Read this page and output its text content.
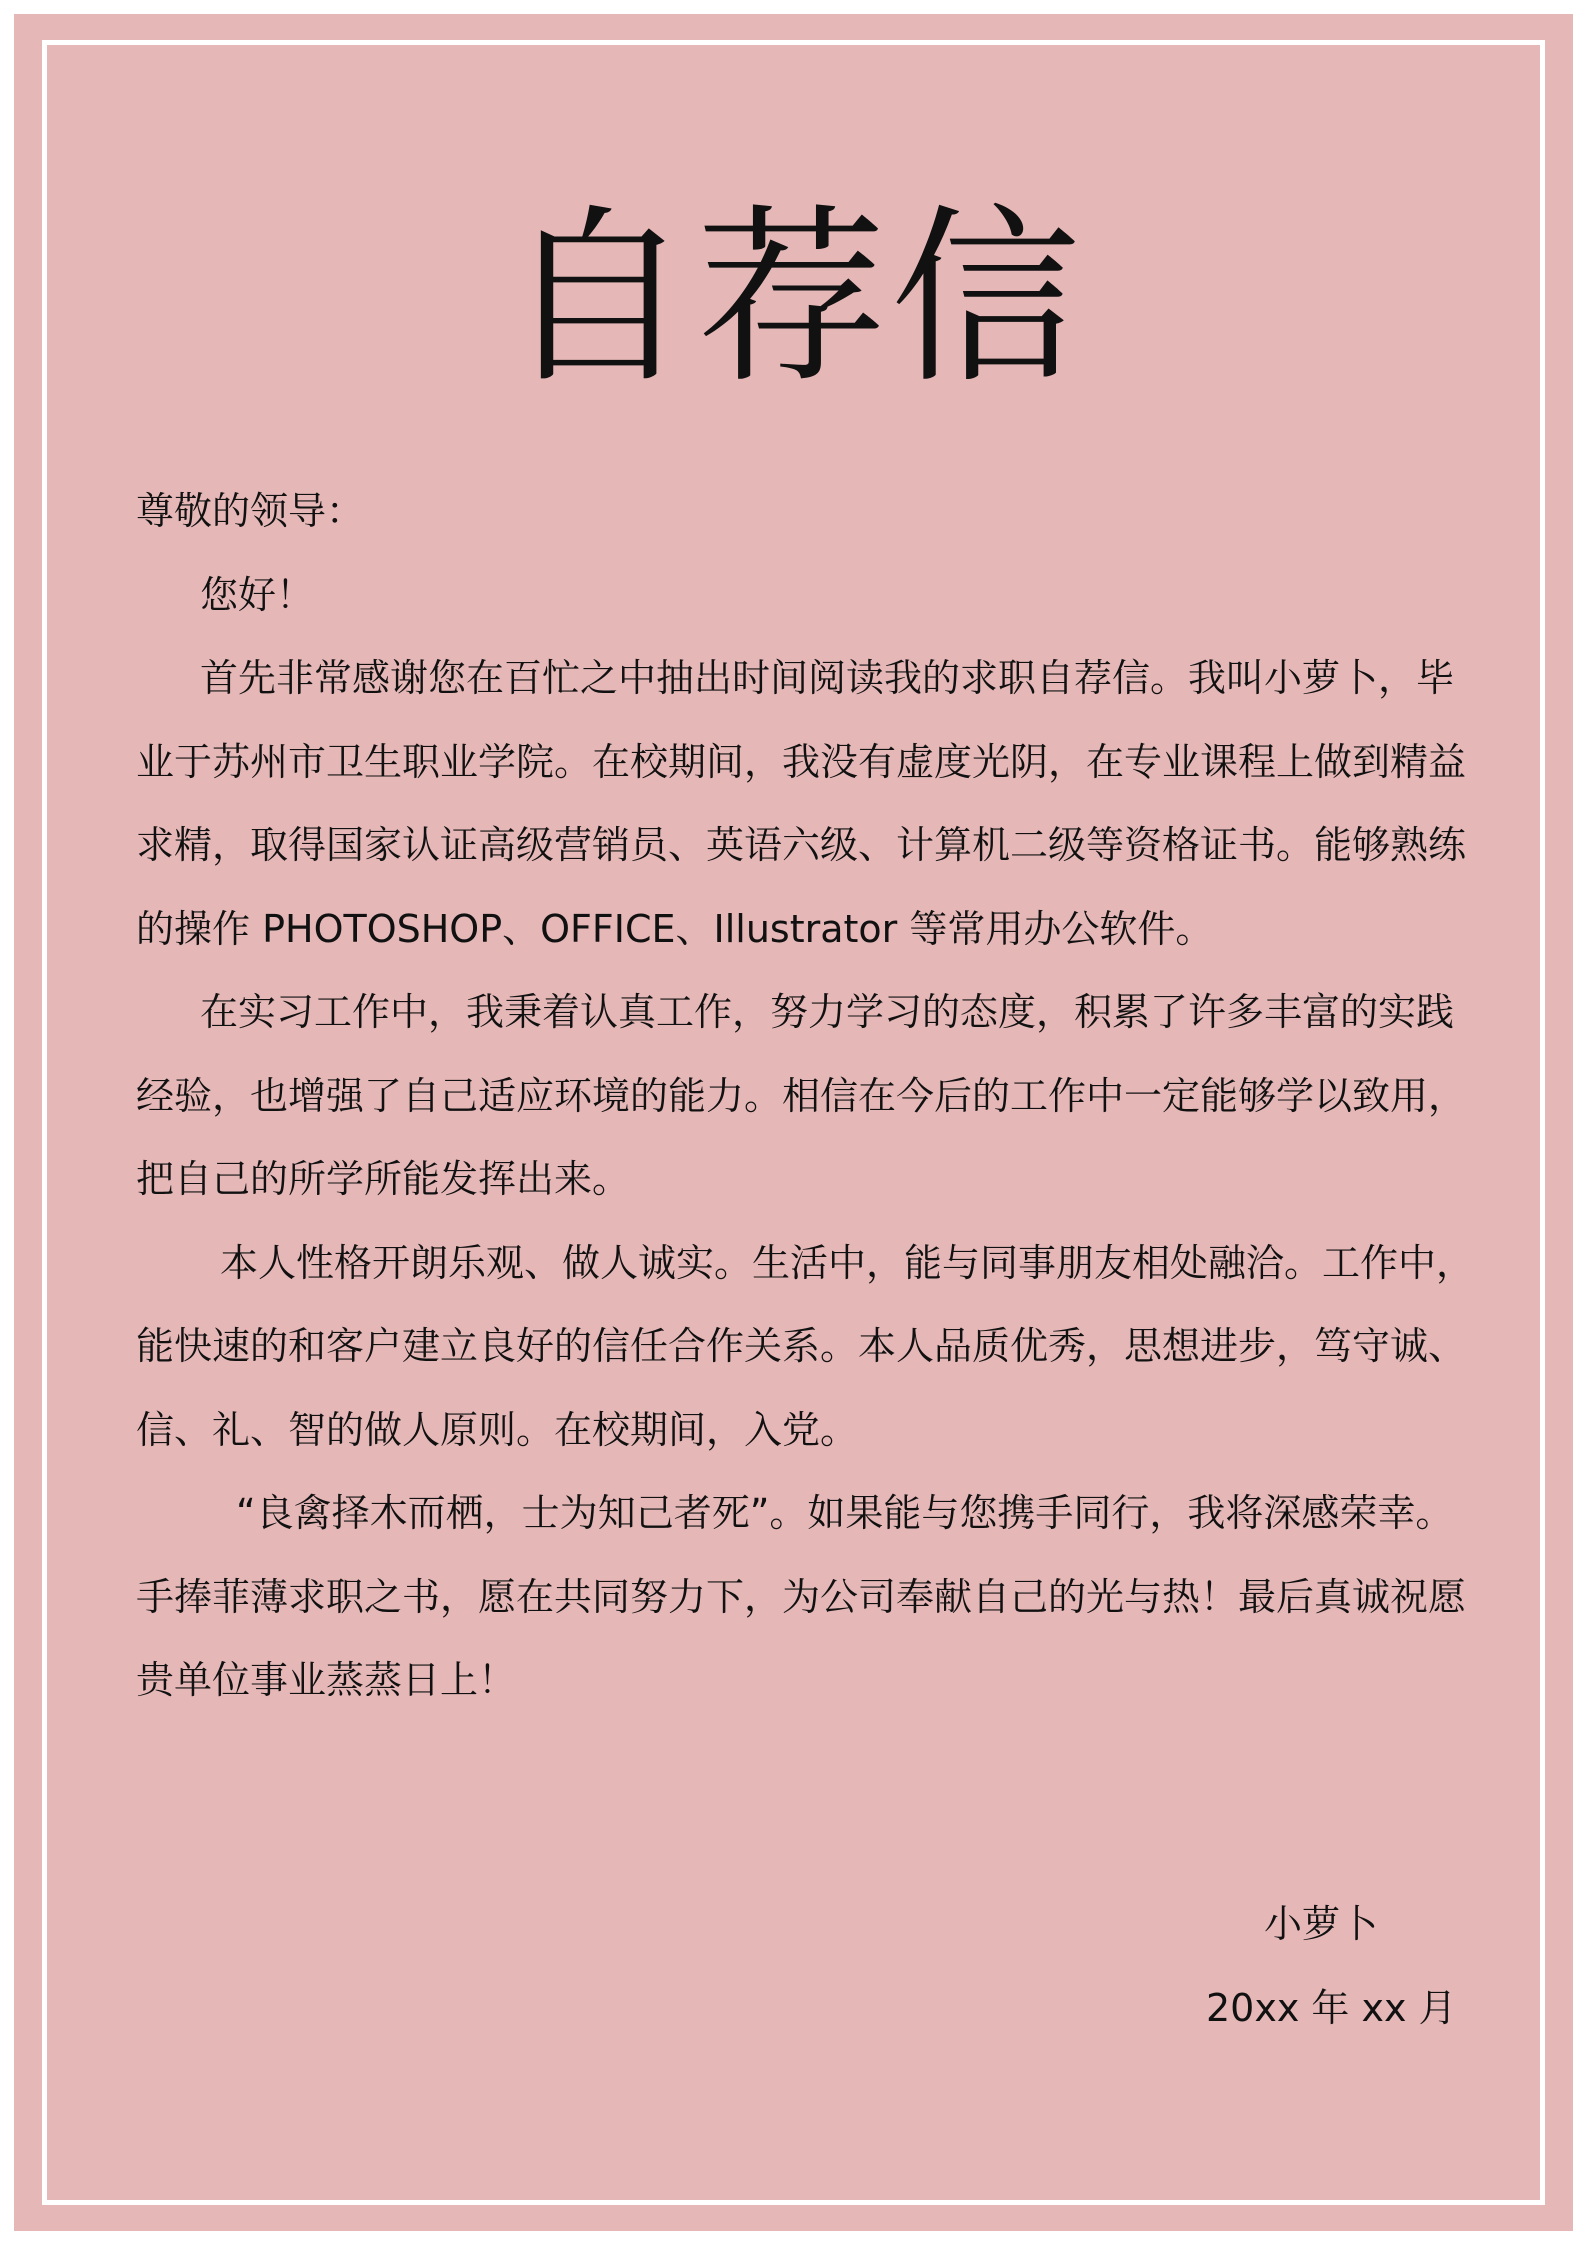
自荐信

尊敬的领导：

您好！

首先非常感谢您在百忙之中抽出时间阅读我的求职自荐信。我叫小萝卜，毕业于苏州市卫生职业学院。在校期间，我没有虚度光阴，在专业课程上做到精益求精，取得国家认证高级营销员、英语六级、计算机二级等资格证书。能够熟练的操作 PHOTOSHOP、OFFICE、Illustrator 等常用办公软件。

在实习工作中，我秉着认真工作，努力学习的态度，积累了许多丰富的实践经验，也增强了自己适应环境的能力。相信在今后的工作中一定能够学以致用，把自己的所学所能发挥出来。

本人性格开朗乐观、做人诚实。生活中，能与同事朋友相处融洽。工作中，能快速的和客户建立良好的信任合作关系。本人品质优秀，思想进步，笃守诚、信、礼、智的做人原则。在校期间，入党。

“良禽择木而栖，士为知己者死”。如果能与您携手同行，我将深感荣幸。手捧菲薄求职之书，愿在共同努力下，为公司奉献自己的光与热！最后真诚祝愿贵单位事业蒸蒸日上！

小萝卜
20xx 年 xx 月
